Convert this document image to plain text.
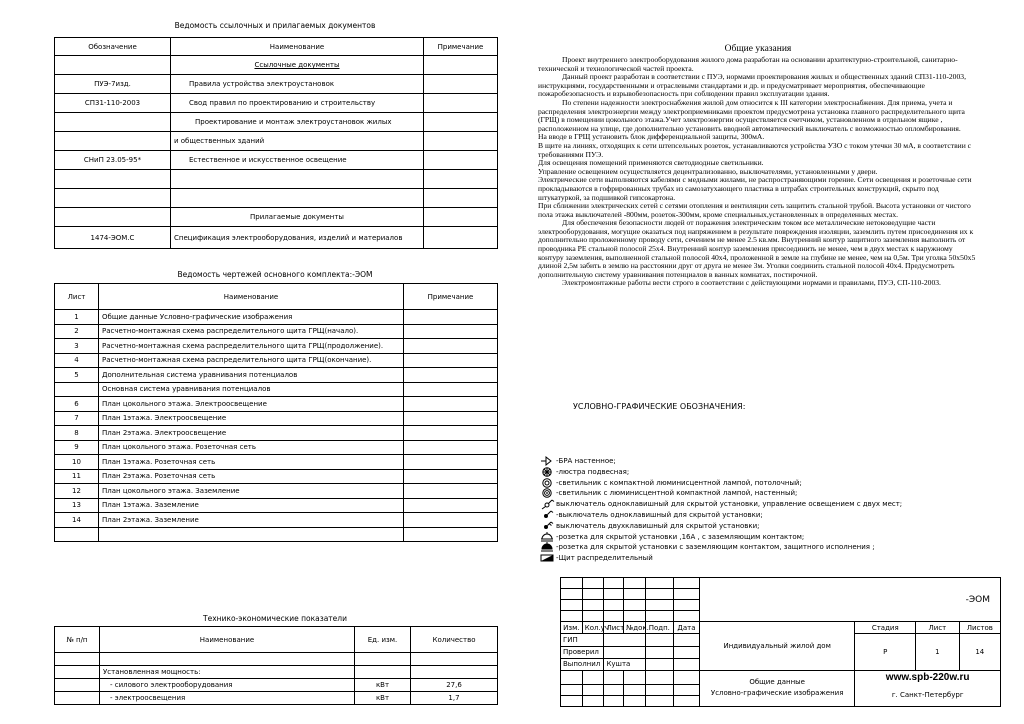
Ведомость ссылочных и прилагаемых документов
Обозначение	Наименование	Примечание
	Ссылочные документы	
ПУЭ-7изд.	Правила устройства электроустановок	
СП31-110-2003	Свод правил по проектированию и строительству	
	Проектирование и монтаж электроустановок жилых	
	и общественных зданий	
СНиП 23.05-95*	Естественное и искусственное освещение	

	Прилагаемые документы	
1474-ЭОМ.С	Спецификация электрооборудования, изделий и материалов	
Ведомость чертежей основного комплекта:-ЭОМ
Лист	Наименование	Примечание
1	Общие данные Условно-графические изображения	
2	Расчетно-монтажная схема распределительного щита ГРЩ(начало).	
3	Расчетно-монтажная схема распределительного щита ГРЩ(продолжение).	
4	Расчетно-монтажная схема распределительного щита ГРЩ(окончание).	
5	Дополнительная система уравнивания потенциалов	
	Основная система уравнивания потенциалов	
6	План цокольного этажа. Электроосвещение	
7	План 1этажа. Электроосвещение	
8	План 2этажа. Электроосвещение	
9	План цокольного этажа. Розеточная сеть	
10	План 1этажа. Розеточная сеть	
11	План 2этажа. Розеточная сеть	
12	План цокольного этажа. Заземление	
13	План 1этажа. Заземление	
14	План 2этажа. Заземление	

Технико-экономические показатели
№ п/п	Наименование	Ед. изм.	Количество

	Установленная мощность:		
	- силового электрооборудования	кВт	27,6
	- электроосвещения	кВт	1,7
Общие указания

Проект внутреннего электрооборудования жилого дома разработан на основании архитектурно-строительной, санитарно-технической и технологической частей проекта.

Данный проект разработан в соответствии с ПУЭ, нормами проектирования жилых и общественных зданий СП31-110-2003, инструкциями, государственными и отраслевыми стандартами и др. и предусматривает мероприятия, обеспечивающие пожаробезопасность и взрывобезопасность при соблюдении правил эксплуатации здания.

По степени надежности электроснабжения жилой дом относится к III категории электроснабжения. Для приема, учета и распределения электроэнергии между электроприемниками проектом предусмотрена установка главного распределительного щита (ГРЩ) в помещении цокольного этажа.Учет электроэнергии осуществляется счетчиком, установленном в отдельном ящике , расположенном на улице, где дополнительно установить вводной автоматический выключатель с возможностью опломбирования.

На вводе в ГРЩ установить блок дифференциальной защиты, 300мА.

В щите на линиях, отходящих к сети штепсельных розеток, устанавливаются устройства УЗО с током утечки 30 мА, в соответствии с требованиями ПУЭ.

Для освещения помещений применяются светодиодные светильники.

Управление освещением осуществляется децентрализованно, выключателями, установленными у двери.

Электрические сети выполняются кабелями с медными жилами, не распространяющими горение. Сети освещения и розеточные сети прокладываются в гофрированных трубах из самозатухающего пластика в штрабах строительных конструкций, скрыто под штукатуркой, за подшивкой гипсокартона.

При сближении электрических сетей с сетями отопления и вентиляции сеть защитить стальной трубой. Высота установки от чистого пола этажа выключателей -800мм, розеток-300мм, кроме специальных,установленных в определенных местах.

Для обеспечения безопасности людей от поражения электрическим током все металлические нетоковедущие части электрооборудования, могущие оказаться под напряжением в результате повреждения изоляции, заземлить путем присоединения их к дополнительно проложенному проводу сети, сечением не менее 2.5 кв.мм. Внутренний контур защитного заземления выполнить от проводника РЕ стальной полосой 25х4. Внутренний контур заземления присоединить не менее, чем в двух местах к наружному контуру заземления, выполненной стальной полосой 40х4, проложенной в земле на глубине не менее, чем на 0,5м. Три уголка 50х50х5 длиной 2,5м забить в землю на расстоянии друг от друга не менее 3м. Уголки соединить стальной полосой 40х4. Предусмотреть дополнительную систему уравнивания потенциалов в ванных комнатах, постирочной.

Электромонтажные работы вести строго в соответствии с действующими нормами и правилами, ПУЭ, СП-110-2003.

УСЛОВНО-ГРАФИЧЕСКИЕ ОБОЗНАЧЕНИЯ:
-БРА настенное;
-люстра подвесная;
-светильник с компактной люминисцентной лампой, потолочный;
-светильник с люминисцентной компактной лампой, настенный;
выключатель одноклавишный для скрытой установки, управление освещением с двух мест;
-выключатель одноклавишный для скрытой установки;
выключатель двухклавишный для скрытой установки;
-розетка для скрытой установки ,16А , с заземляющим контактом;
-розетка для скрытой установки с заземляющим контактом, защитного исполнения ;
-Щит распределительный
						-ЭОМ			

Изм.	Кол.уч	Лист	№док.	Подп.	Дата	Индивидуальный жилой дом	Стадия	Лист	Листов
ГИП							Р	1	14
Проверил									
Выполнил		Кушта							

						Общие данные
Условно-графические изображения	www.spb-220w.ru		
							г. Санкт-Петербург		
